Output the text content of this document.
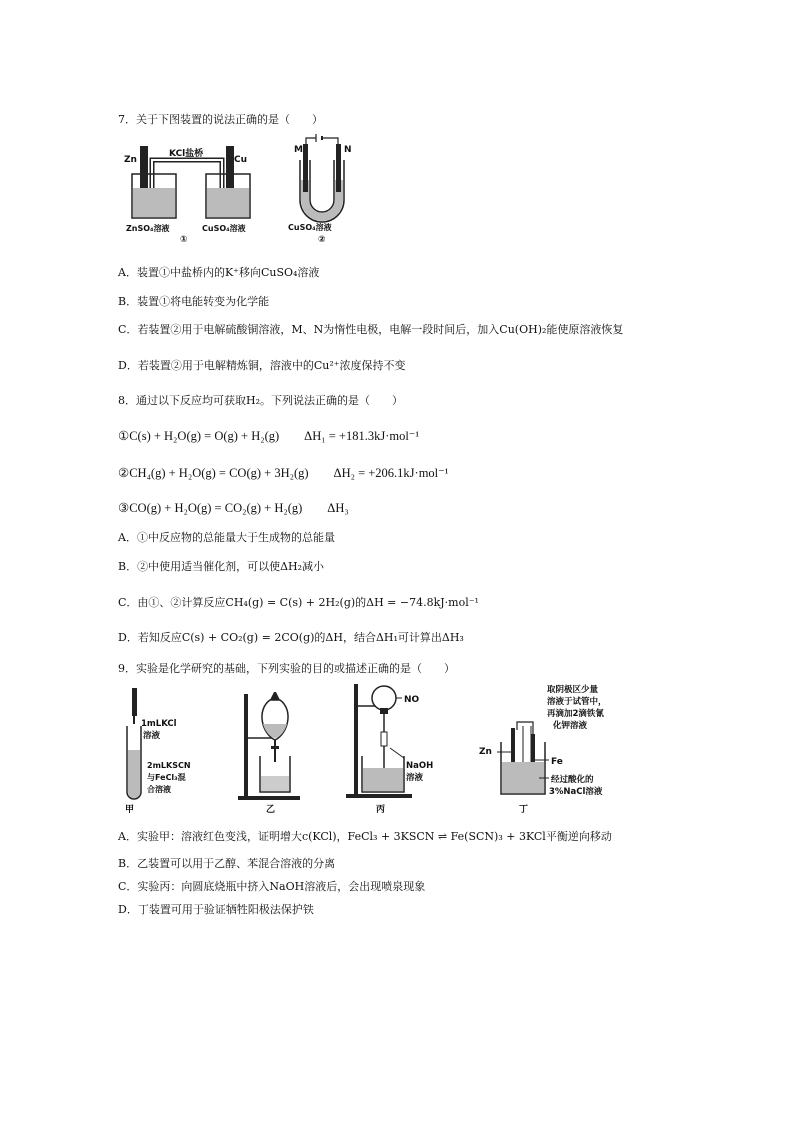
7．关于下图装置的说法正确的是（　　）
Zn	Cu
KCl盐桥
ZnSO₄溶液	CuSO₄溶液
①
M	N
CuSO₄溶液
②
A．装置①中盐桥内的K⁺移向CuSO₄溶液
B．装置①将电能转变为化学能
C．若装置②用于电解硫酸铜溶液，M、N为惰性电极，电解一段时间后，加入Cu(OH)₂能使原溶液恢复
D．若装置②用于电解精炼铜，溶液中的Cu²⁺浓度保持不变
8．通过以下反应均可获取H₂。下列说法正确的是（　　）
①C(s) + H₂O(g) = O(g) + H₂(g)　　ΔH₁ = +181.3kJ·mol⁻¹
②CH₄(g) + H₂O(g) = CO(g) + 3H₂(g)　　ΔH₂ = +206.1kJ·mol⁻¹
③CO(g) + H₂O(g) = CO₂(g) + H₂(g)　　ΔH₃
A．①中反应物的总能量大于生成物的总能量
B．②中使用适当催化剂，可以使ΔH₂减小
C．由①、②计算反应CH₄(g) = C(s) + 2H₂(g)的ΔH = −74.8kJ·mol⁻¹
D．若知反应C(s) + CO₂(g) = 2CO(g)的ΔH，结合ΔH₁可计算出ΔH₃
9．实验是化学研究的基础，下列实验的目的或描述正确的是（　　）
1mLKCl
溶液
2mLKSCN
与FeCl₃混
合溶液
甲	乙
NO
NaOH
溶液
丙
取阴极区少量
溶液于试管中，
再滴加2滴铁氰
化钾溶液
Zn
Fe
经过酸化的
3%NaCl溶液
丁
A．实验甲：溶液红色变浅，证明增大c(KCl)，FeCl₃ + 3KSCN ⇌ Fe(SCN)₃ + 3KCl平衡逆向移动
B．乙装置可以用于乙醇、苯混合溶液的分离
C．实验丙：向圆底烧瓶中挤入NaOH溶液后，会出现喷泉现象
D．丁装置可用于验证牺牲阳极法保护铁
